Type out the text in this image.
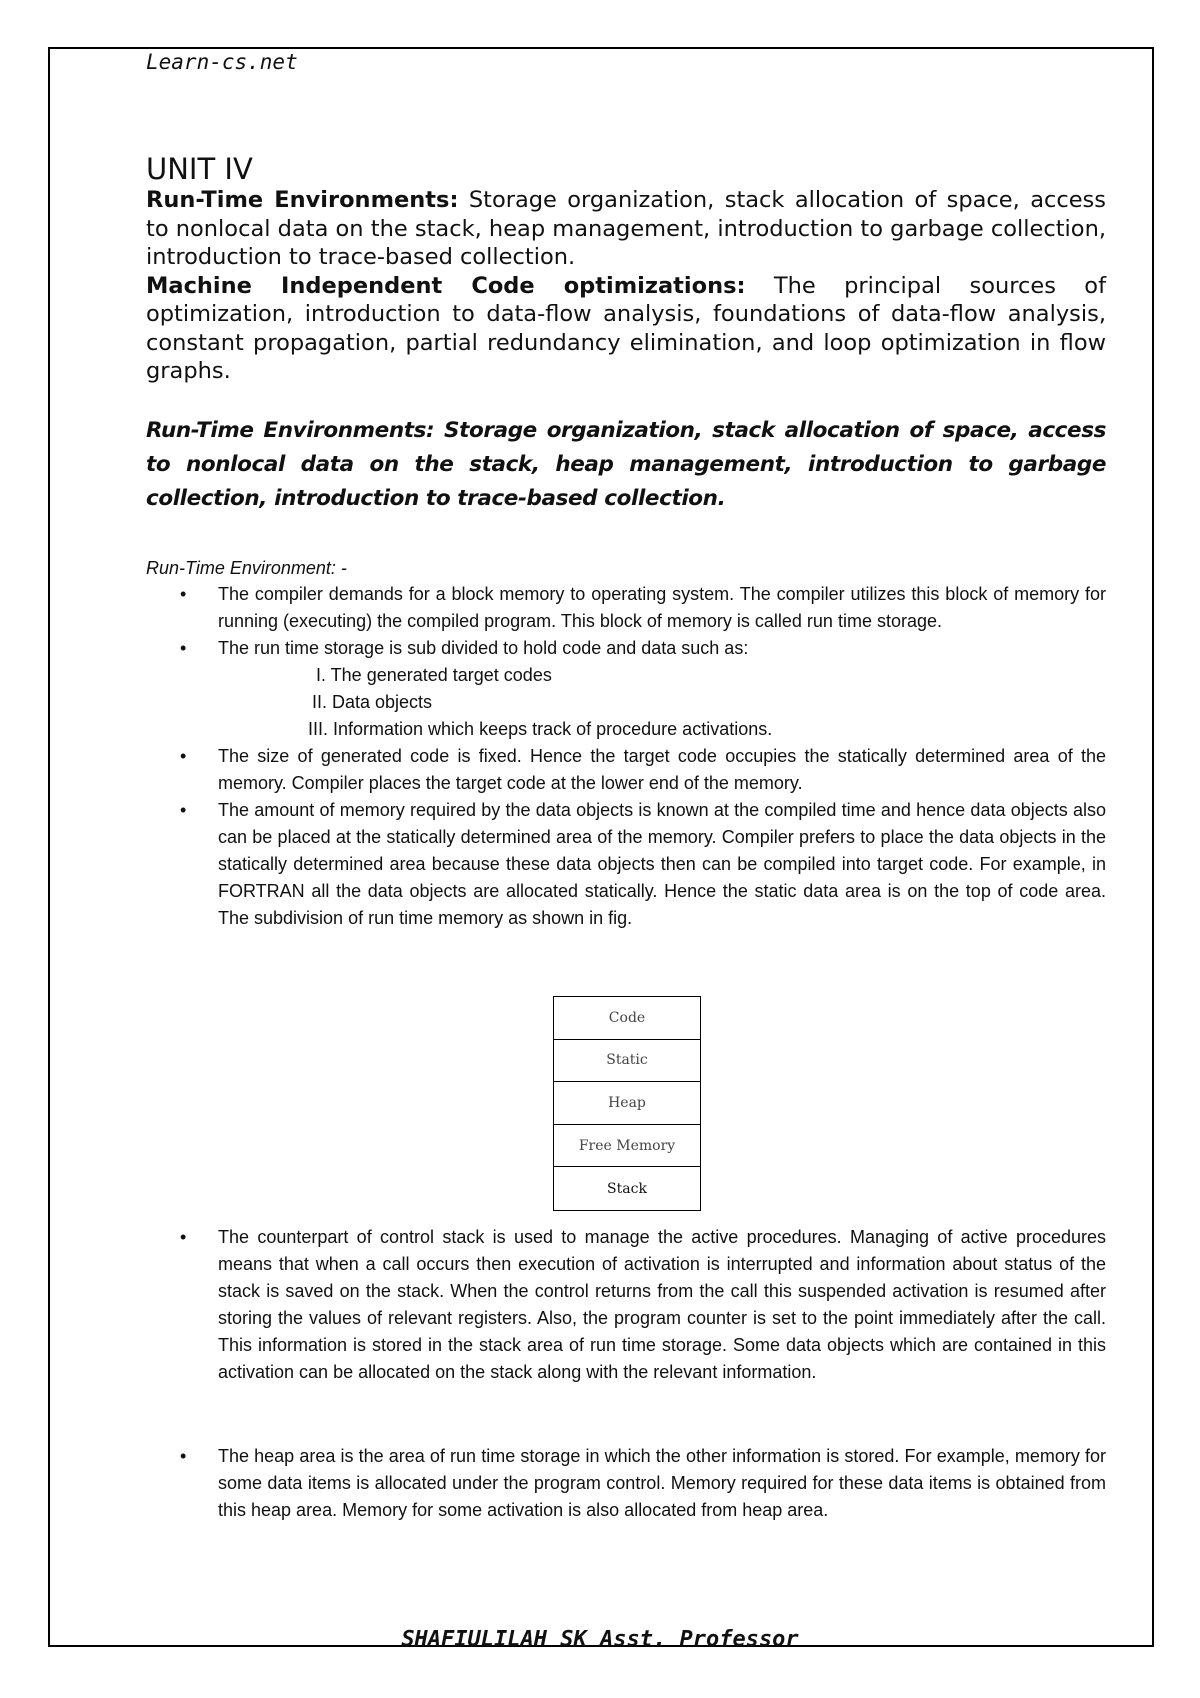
Learn-cs.net
UNIT IV

Run-Time Environments: Storage organization, stack allocation of space, access to nonlocal data on the stack, heap management, introduction to garbage collection, introduction to trace-based collection.
Machine Independent Code optimizations: The principal sources of optimization, introduction to data-flow analysis, foundations of data-flow analysis, constant propagation, partial redundancy elimination, and loop optimization in flow graphs.

Run-Time Environments: Storage organization, stack allocation of space, access to nonlocal data on the stack, heap management, introduction to garbage collection, introduction to trace-based collection.

Run-Time Environment: -
• The compiler demands for a block memory to operating system. The compiler utilizes this block of memory for running (executing) the compiled program. This block of memory is called run time storage.
• The run time storage is sub divided to hold code and data such as:
I. The generated target codes
II. Data objects
III. Information which keeps track of procedure activations.
• The size of generated code is fixed. Hence the target code occupies the statically determined area of the memory. Compiler places the target code at the lower end of the memory.
• The amount of memory required by the data objects is known at the compiled time and hence data objects also can be placed at the statically determined area of the memory. Compiler prefers to place the data objects in the statically determined area because these data objects then can be compiled into target code. For example, in FORTRAN all the data objects are allocated statically. Hence the static data area is on the top of code area. The subdivision of run time memory as shown in fig.
Code
Static
Heap
Free Memory
Stack
• The counterpart of control stack is used to manage the active procedures. Managing of active procedures means that when a call occurs then execution of activation is interrupted and information about status of the stack is saved on the stack. When the control returns from the call this suspended activation is resumed after storing the values of relevant registers. Also, the program counter is set to the point immediately after the call. This information is stored in the stack area of run time storage. Some data objects which are contained in this activation can be allocated on the stack along with the relevant information.
• The heap area is the area of run time storage in which the other information is stored. For example, memory for some data items is allocated under the program control. Memory required for these data items is obtained from this heap area. Memory for some activation is also allocated from heap area.
SHAFIULILAH SK Asst. Professor
